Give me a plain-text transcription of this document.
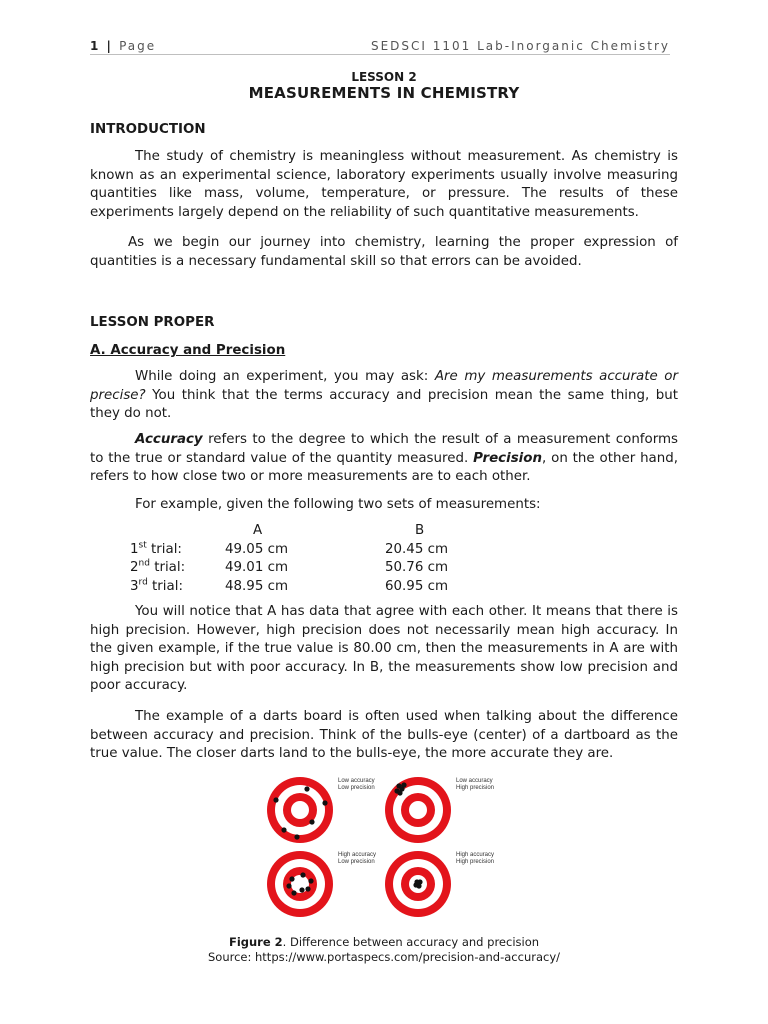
1 | Page	SEDSCI 1101 Lab-Inorganic Chemistry
LESSON 2
MEASUREMENTS IN CHEMISTRY
INTRODUCTION

The study of chemistry is meaningless without measurement. As chemistry is known as an experimental science, laboratory experiments usually involve measuring quantities like mass, volume, temperature, or pressure. The results of these experiments largely depend on the reliability of such quantitative measurements.

As we begin our journey into chemistry, learning the proper expression of quantities is a necessary fundamental skill so that errors can be avoided.

LESSON PROPER
A. Accuracy and Precision

While doing an experiment, you may ask: Are my measurements accurate or precise? You think that the terms accuracy and precision mean the same thing, but they do not.

Accuracy refers to the degree to which the result of a measurement conforms to the true or standard value of the quantity measured. Precision, on the other hand, refers to how close two or more measurements are to each other.

For example, given the following two sets of measurements:

	A	B
1st trial:	49.05 cm	20.45 cm
2nd trial:	49.01 cm	50.76 cm
3rd trial:	48.95 cm	60.95 cm

You will notice that A has data that agree with each other. It means that there is high precision. However, high precision does not necessarily mean high accuracy. In the given example, if the true value is 80.00 cm, then the measurements in A are with high precision but with poor accuracy. In B, the measurements show low precision and poor accuracy.

The example of a darts board is often used when talking about the difference between accuracy and precision. Think of the bulls-eye (center) of a dartboard as the true value. The closer darts land to the bulls-eye, the more accurate they are.

Low accuracy
Low precision
Low accuracy
High precision
High accuracy
Low precision
High accuracy
High precision
Figure 2. Difference between accuracy and precision
Source: https://www.portaspecs.com/precision-and-accuracy/
